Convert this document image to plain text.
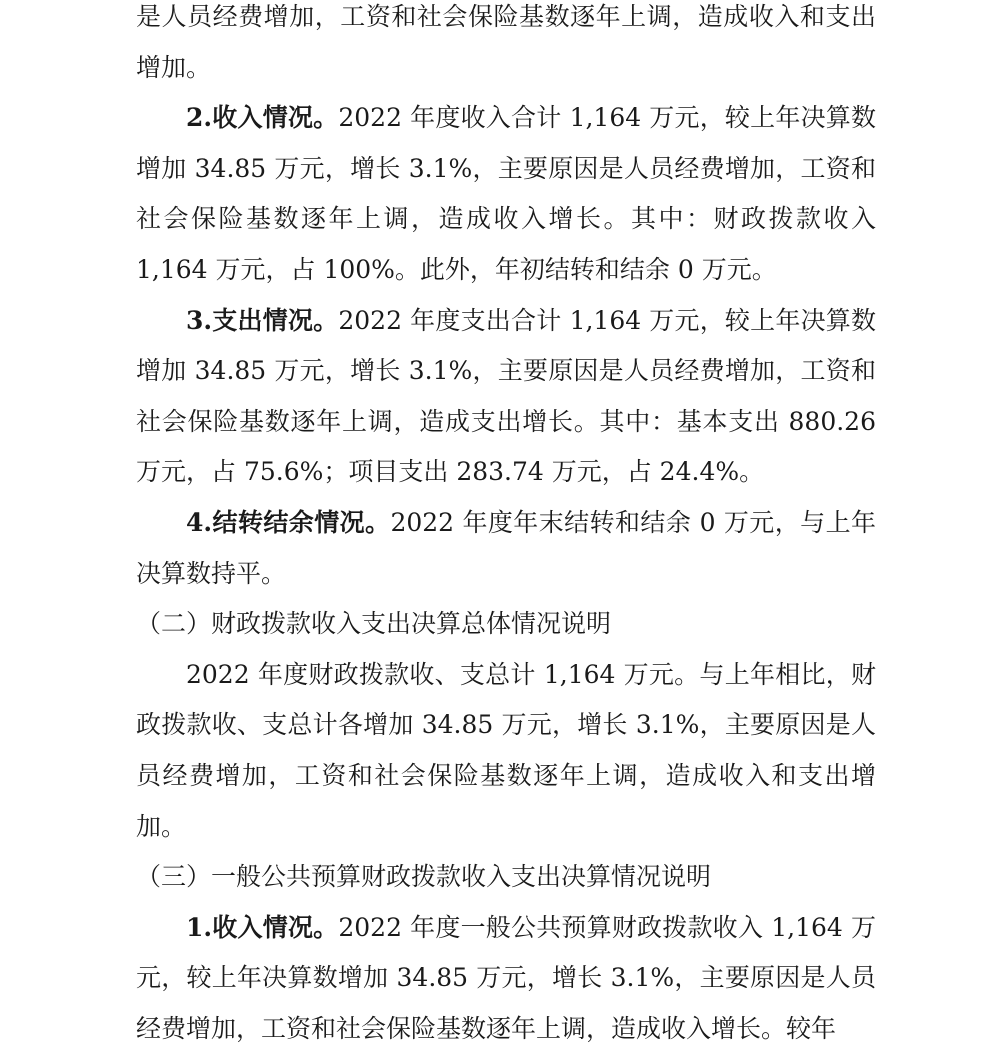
是人员经费增加，工资和社会保险基数逐年上调，造成收入和支出增加。

2.收入情况。2022 年度收入合计 1,164 万元，较上年决算数增加 34.85 万元，增长 3.1%，主要原因是人员经费增加，工资和社会保险基数逐年上调，造成收入增长。其中：财政拨款收入 1,164 万元，占 100%。此外，年初结转和结余 0 万元。

3.支出情况。2022 年度支出合计 1,164 万元，较上年决算数增加 34.85 万元，增长 3.1%，主要原因是人员经费增加，工资和社会保险基数逐年上调，造成支出增长。其中：基本支出 880.26 万元，占 75.6%；项目支出 283.74 万元，占 24.4%。

4.结转结余情况。2022 年度年末结转和结余 0 万元，与上年决算数持平。

（二）财政拨款收入支出决算总体情况说明

2022 年度财政拨款收、支总计 1,164 万元。与上年相比，财政拨款收、支总计各增加 34.85 万元，增长 3.1%，主要原因是人员经费增加，工资和社会保险基数逐年上调，造成收入和支出增加。

（三）一般公共预算财政拨款收入支出决算情况说明

1.收入情况。2022 年度一般公共预算财政拨款收入 1,164 万元，较上年决算数增加 34.85 万元，增长 3.1%，主要原因是人员经费增加，工资和社会保险基数逐年上调，造成收入增长。较年
